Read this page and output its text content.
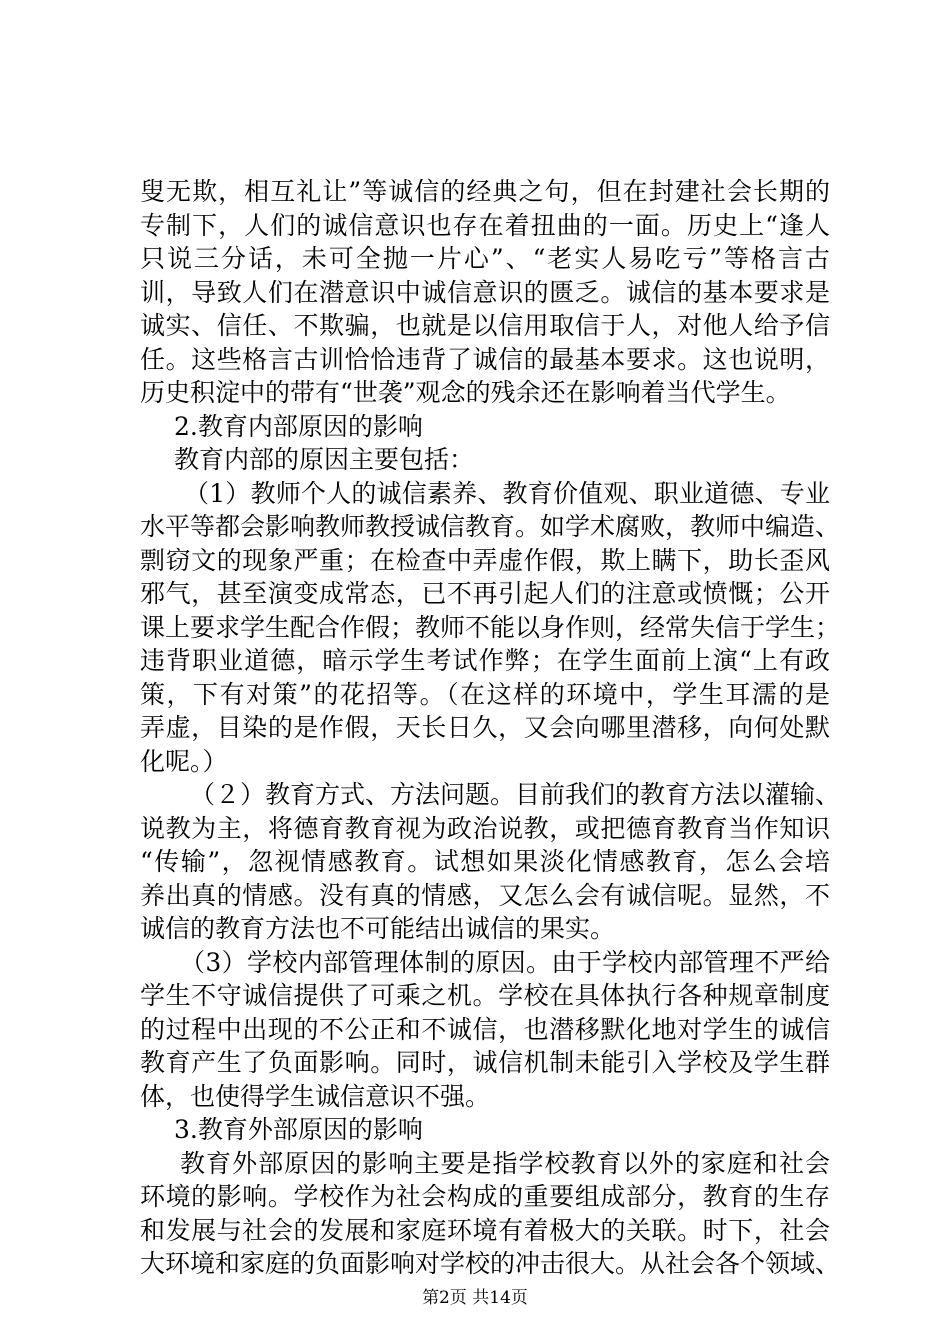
叟无欺，相互礼让”等诚信的经典之句，但在封建社会长期的
专制下，人们的诚信意识也存在着扭曲的一面。历史上“逢人
只说三分话，未可全抛一片心”、“老实人易吃亏”等格言古
训，导致人们在潜意识中诚信意识的匮乏。诚信的基本要求是
诚实、信任、不欺骗，也就是以信用取信于人，对他人给予信
任。这些格言古训恰恰违背了诚信的最基本要求。这也说明，
历史积淀中的带有“世袭”观念的残余还在影响着当代学生。
2.教育内部原因的影响
教育内部的原因主要包括：
（1）教师个人的诚信素养、教育价值观、职业道德、专业
水平等都会影响教师教授诚信教育。如学术腐败，教师中编造、
剽窃文的现象严重；在检查中弄虚作假，欺上瞒下，助长歪风
邪气，甚至演变成常态，已不再引起人们的注意或愤慨；公开
课上要求学生配合作假；教师不能以身作则，经常失信于学生；
违背职业道德，暗示学生考试作弊；在学生面前上演“上有政
策，下有对策”的花招等。（在这样的环境中，学生耳濡的是
弄虚，目染的是作假，天长日久，又会向哪里潜移，向何处默
化呢。）
（２）教育方式、方法问题。目前我们的教育方法以灌输、
说教为主，将德育教育视为政治说教，或把德育教育当作知识
“传输”，忽视情感教育。试想如果淡化情感教育，怎么会培
养出真的情感。没有真的情感，又怎么会有诚信呢。显然，不
诚信的教育方法也不可能结出诚信的果实。
（3）学校内部管理体制的原因。由于学校内部管理不严给
学生不守诚信提供了可乘之机。学校在具体执行各种规章制度
的过程中出现的不公正和不诚信，也潜移默化地对学生的诚信
教育产生了负面影响。同时，诚信机制未能引入学校及学生群
体，也使得学生诚信意识不强。
3.教育外部原因的影响
教育外部原因的影响主要是指学校教育以外的家庭和社会
环境的影响。学校作为社会构成的重要组成部分，教育的生存
和发展与社会的发展和家庭环境有着极大的关联。时下，社会
大环境和家庭的负面影响对学校的冲击很大。从社会各个领域、
第2页 共14页
